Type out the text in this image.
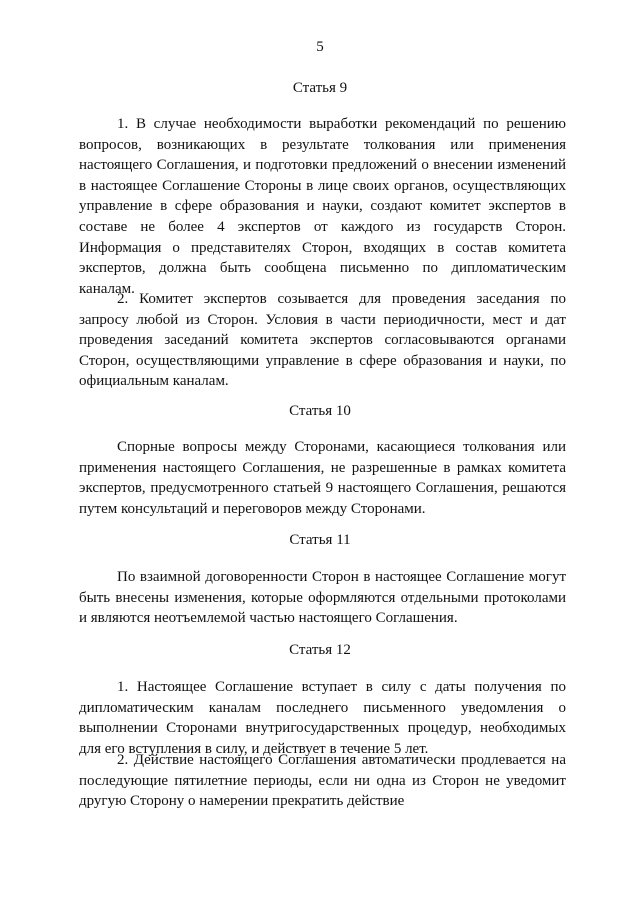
5
Статья 9

1. В случае необходимости выработки рекомендаций по решению вопросов, возникающих в результате толкования или применения настоящего Соглашения, и подготовки предложений о внесении изменений в настоящее Соглашение Стороны в лице своих органов, осуществляющих управление в сфере образования и науки, создают комитет экспертов в составе не более 4 экспертов от каждого из государств Сторон. Информация о представителях Сторон, входящих в состав комитета экспертов, должна быть сообщена письменно по дипломатическим каналам.

2. Комитет экспертов созывается для проведения заседания по запросу любой из Сторон. Условия в части периодичности, мест и дат проведения заседаний комитета экспертов согласовываются органами Сторон, осуществляющими управление в сфере образования и науки, по официальным каналам.

Статья 10

Спорные вопросы между Сторонами, касающиеся толкования или применения настоящего Соглашения, не разрешенные в рамках комитета экспертов, предусмотренного статьей 9 настоящего Соглашения, решаются путем консультаций и переговоров между Сторонами.

Статья 11

По взаимной договоренности Сторон в настоящее Соглашение могут быть внесены изменения, которые оформляются отдельными протоколами и являются неотъемлемой частью настоящего Соглашения.

Статья 12

1. Настоящее Соглашение вступает в силу с даты получения по дипломатическим каналам последнего письменного уведомления о выполнении Сторонами внутригосударственных процедур, необходимых для его вступления в силу, и действует в течение 5 лет.

2. Действие настоящего Соглашения автоматически продлевается на последующие пятилетние периоды, если ни одна из Сторон не уведомит другую Сторону о намерении прекратить действие
